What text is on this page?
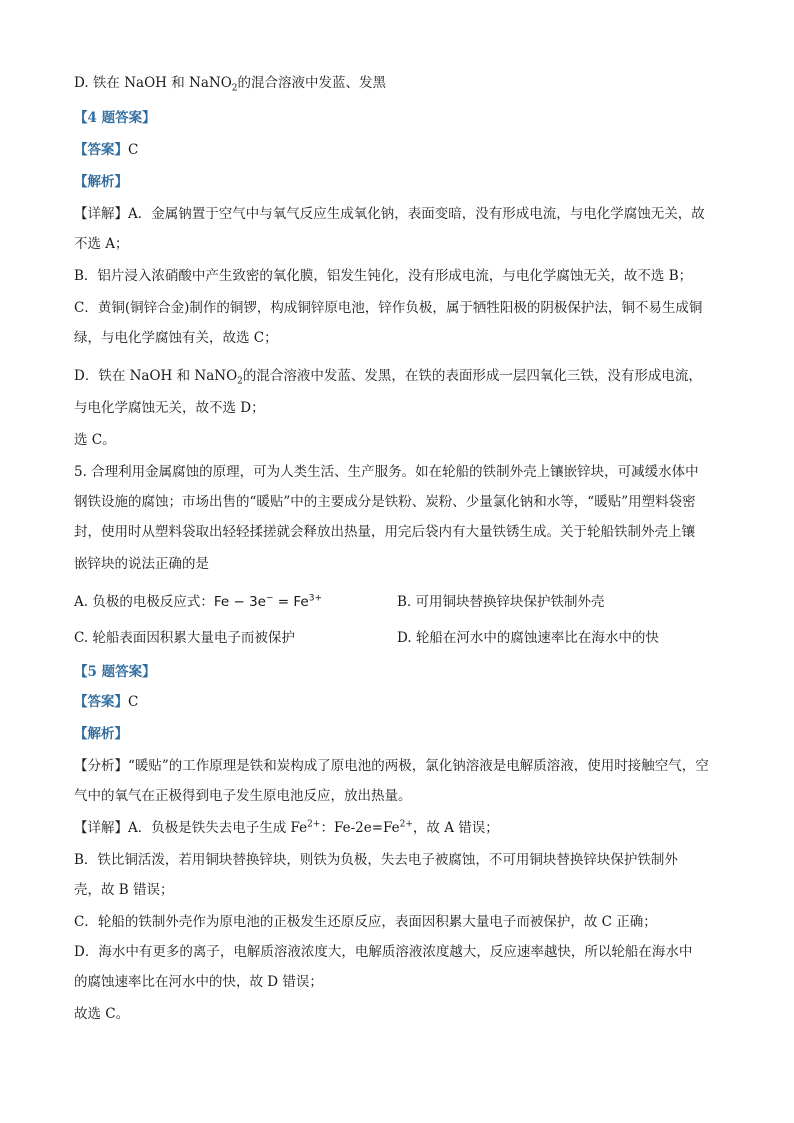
D. 铁在 NaOH 和 NaNO$_2$的混合溶液中发蓝、发黑
【4 题答案】
【答案】C
【解析】
【详解】A．金属钠置于空气中与氧气反应生成氧化钠，表面变暗，没有形成电流，与电化学腐蚀无关，故
不选 A；
B．铝片浸入浓硝酸中产生致密的氧化膜，铝发生钝化，没有形成电流，与电化学腐蚀无关，故不选 B；
C．黄铜(铜锌合金)制作的铜锣，构成铜锌原电池，锌作负极，属于牺牲阳极的阴极保护法，铜不易生成铜
绿，与电化学腐蚀有关，故选 C；
D．铁在 NaOH 和 NaNO$_2$的混合溶液中发蓝、发黑，在铁的表面形成一层四氧化三铁，没有形成电流，
与电化学腐蚀无关，故不选 D；
选 C。
5. 合理利用金属腐蚀的原理，可为人类生活、生产服务。如在轮船的铁制外壳上镶嵌锌块，可减缓水体中
钢铁设施的腐蚀；市场出售的“暖贴”中的主要成分是铁粉、炭粉、少量氯化钠和水等，“暖贴”用塑料袋密
封，使用时从塑料袋取出轻轻揉搓就会释放出热量，用完后袋内有大量铁锈生成。关于轮船铁制外壳上镶
嵌锌块的说法正确的是
A. 负极的电极反应式：$Fe - 3e^- = Fe^{3+}$	B. 可用铜块替换锌块保护铁制外壳
C. 轮船表面因积累大量电子而被保护	D. 轮船在河水中的腐蚀速率比在海水中的快
【5 题答案】
【答案】C
【解析】
【分析】“暖贴”的工作原理是铁和炭构成了原电池的两极，氯化钠溶液是电解质溶液，使用时接触空气，空
气中的氧气在正极得到电子发生原电池反应，放出热量。
【详解】A．负极是铁失去电子生成 $Fe^{2+}$：$Fe-2e=Fe^{2+}$，故 A 错误；
B．铁比铜活泼，若用铜块替换锌块，则铁为负极，失去电子被腐蚀，不可用铜块替换锌块保护铁制外
壳，故 B 错误；
C．轮船的铁制外壳作为原电池的正极发生还原反应，表面因积累大量电子而被保护，故 C 正确；
D．海水中有更多的离子，电解质溶液浓度大，电解质溶液浓度越大，反应速率越快，所以轮船在海水中
的腐蚀速率比在河水中的快，故 D 错误；
故选 C。
